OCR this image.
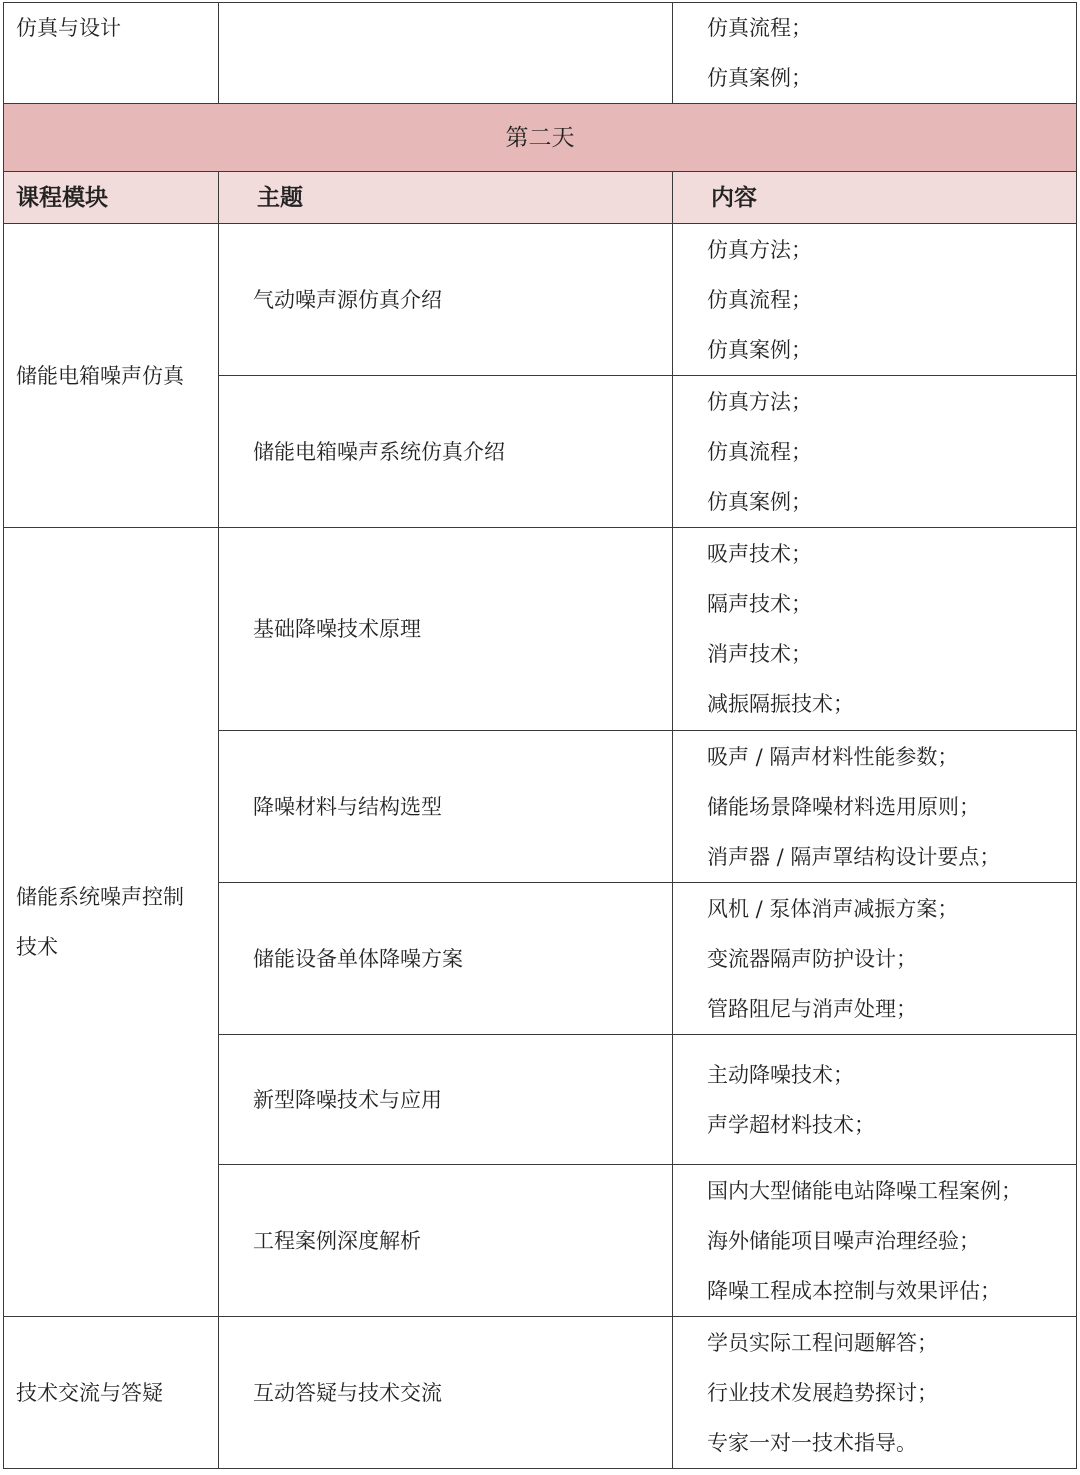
仿真与设计		仿真流程；
仿真案例；

第二天		
课程模块	主题	内容

储能电箱噪声仿真	气动噪声源仿真介绍	仿真方法；
仿真流程；
仿真案例；

	储能电箱噪声系统仿真介绍	仿真方法；
仿真流程；
仿真案例；

储能系统噪声控制
技术	基础降噪技术原理	吸声技术；
隔声技术；
消声技术；
减振隔振技术；

	降噪材料与结构选型	吸声 / 隔声材料性能参数；
储能场景降噪材料选用原则；
消声器 / 隔声罩结构设计要点；

	储能设备单体降噪方案	风机 / 泵体消声减振方案；
变流器隔声防护设计；
管路阻尼与消声处理；

	新型降噪技术与应用	主动降噪技术；
声学超材料技术；

	工程案例深度解析	国内大型储能电站降噪工程案例；
海外储能项目噪声治理经验；
降噪工程成本控制与效果评估；

技术交流与答疑	互动答疑与技术交流	学员实际工程问题解答；
行业技术发展趋势探讨；
专家一对一技术指导。
